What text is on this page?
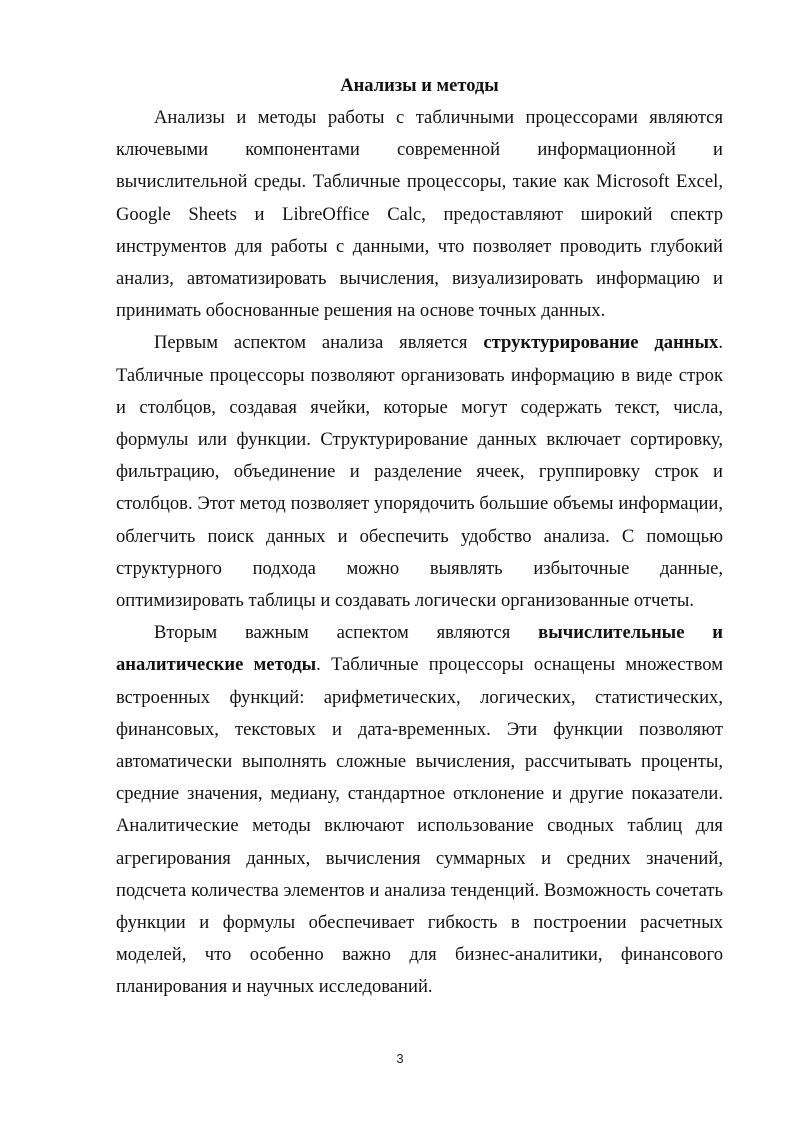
Анализы и методы

Анализы и методы работы с табличными процессорами являются ключевыми компонентами современной информационной и вычислительной среды. Табличные процессоры, такие как Microsoft Excel, Google Sheets и LibreOffice Calc, предоставляют широкий спектр инструментов для работы с данными, что позволяет проводить глубокий анализ, автоматизировать вычисления, визуализировать информацию и принимать обоснованные решения на основе точных данных.

Первым аспектом анализа является структурирование данных. Табличные процессоры позволяют организовать информацию в виде строк и столбцов, создавая ячейки, которые могут содержать текст, числа, формулы или функции. Структурирование данных включает сортировку, фильтрацию, объединение и разделение ячеек, группировку строк и столбцов. Этот метод позволяет упорядочить большие объемы информации, облегчить поиск данных и обеспечить удобство анализа. С помощью структурного подхода можно выявлять избыточные данные, оптимизировать таблицы и создавать логически организованные отчеты.

Вторым важным аспектом являются вычислительные и аналитические методы. Табличные процессоры оснащены множеством встроенных функций: арифметических, логических, статистических, финансовых, текстовых и дата-временных. Эти функции позволяют автоматически выполнять сложные вычисления, рассчитывать проценты, средние значения, медиану, стандартное отклонение и другие показатели. Аналитические методы включают использование сводных таблиц для агрегирования данных, вычисления суммарных и средних значений, подсчета количества элементов и анализа тенденций. Возможность сочетать функции и формулы обеспечивает гибкость в построении расчетных моделей, что особенно важно для бизнес-аналитики, финансового планирования и научных исследований.

3
